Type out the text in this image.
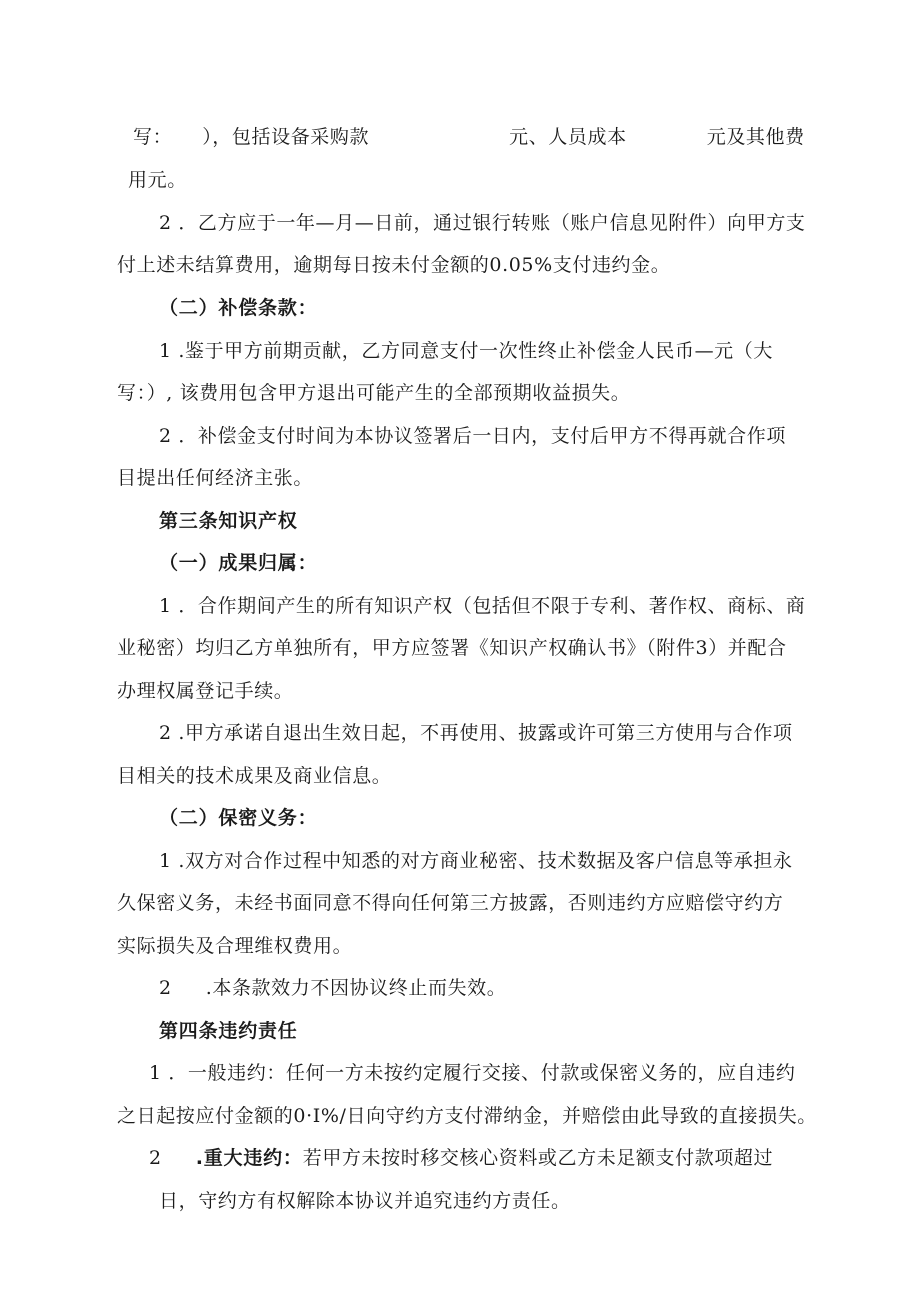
写： ），包括设备采购款	元、人员成本	元及其他费
用元。
2 ．乙方应于一年—月—日前，通过银行转账（账户信息见附件）向甲方支
付上述未结算费用，逾期每日按未付金额的0.05%支付违约金。
（二）补偿条款：
1 .鉴于甲方前期贡献，乙方同意支付一次性终止补偿金人民币—元（大
写：）, 该费用包含甲方退出可能产生的全部预期收益损失。
2 ．补偿金支付时间为本协议签署后一日内，支付后甲方不得再就合作项
目提出任何经济主张。
第三条知识产权
（一）成果归属：
1 ．合作期间产生的所有知识产权（包括但不限于专利、著作权、商标、商
业秘密）均归乙方单独所有，甲方应签署《知识产权确认书》（附件3）并配合
办理权属登记手续。
2 .甲方承诺自退出生效日起，不再使用、披露或许可第三方使用与合作项
目相关的技术成果及商业信息。
（二）保密义务：
1 .双方对合作过程中知悉的对方商业秘密、技术数据及客户信息等承担永
久保密义务，未经书面同意不得向任何第三方披露，否则违约方应赔偿守约方
实际损失及合理维权费用。
2 .本条款效力不因协议终止而失效。
第四条违约责任
1 ．一般违约：任何一方未按约定履行交接、付款或保密义务的，应自违约
之日起按应付金额的0·I%/日向守约方支付滞纳金，并赔偿由此导致的直接损失。
2 .重大违约：若甲方未按时移交核心资料或乙方未足额支付款项超过
日，守约方有权解除本协议并追究违约方责任。
